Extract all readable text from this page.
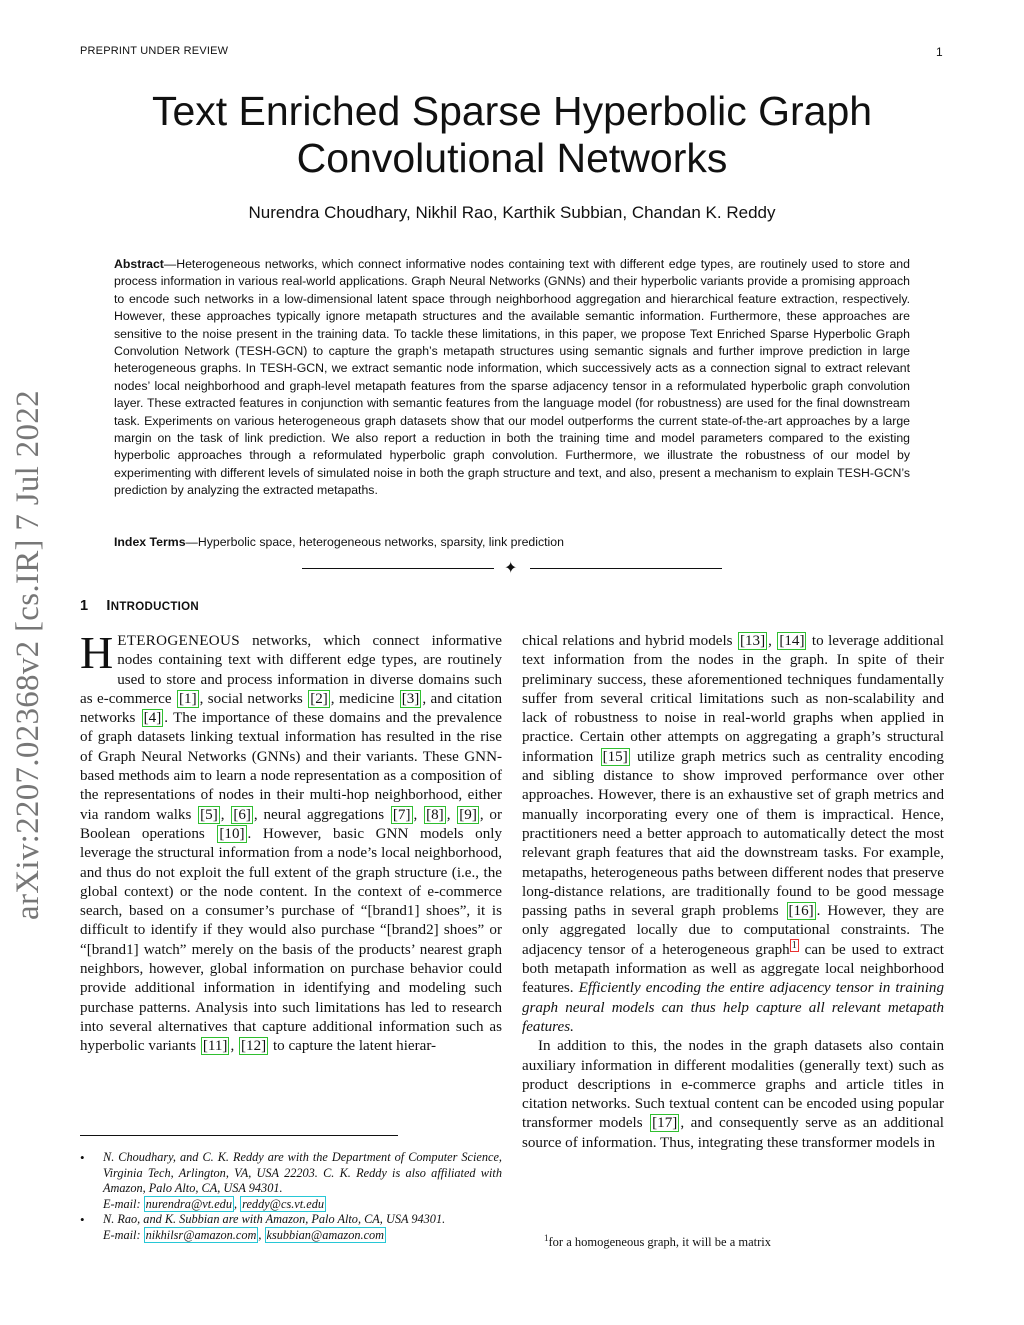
PREPRINT UNDER REVIEW	1
Text Enriched Sparse Hyperbolic Graph
Convolutional Networks
Nurendra Choudhary, Nikhil Rao, Karthik Subbian, Chandan K. Reddy
Abstract—Heterogeneous networks, which connect informative nodes containing text with different edge types, are routinely used to store and process information in various real-world applications. Graph Neural Networks (GNNs) and their hyperbolic variants provide a promising approach to encode such networks in a low-dimensional latent space through neighborhood aggregation and hierarchical feature extraction, respectively. However, these approaches typically ignore metapath structures and the available semantic information. Furthermore, these approaches are sensitive to the noise present in the training data. To tackle these limitations, in this paper, we propose Text Enriched Sparse Hyperbolic Graph Convolution Network (TESH-GCN) to capture the graph’s metapath structures using semantic signals and further improve prediction in large heterogeneous graphs. In TESH-GCN, we extract semantic node information, which successively acts as a connection signal to extract relevant nodes’ local neighborhood and graph-level metapath features from the sparse adjacency tensor in a reformulated hyperbolic graph convolution layer. These extracted features in conjunction with semantic features from the language model (for robustness) are used for the final downstream task. Experiments on various heterogeneous graph datasets show that our model outperforms the current state-of-the-art approaches by a large margin on the task of link prediction. We also report a reduction in both the training time and model parameters compared to the existing hyperbolic approaches through a reformulated hyperbolic graph convolution. Furthermore, we illustrate the robustness of our model by experimenting with different levels of simulated noise in both the graph structure and text, and also, present a mechanism to explain TESH-GCN’s prediction by analyzing the extracted metapaths.
Index Terms—Hyperbolic space, heterogeneous networks, sparsity, link prediction
✦
1 INTRODUCTION

HETEROGENEOUS networks, which connect informative nodes containing text with different edge types, are routinely used to store and process information in diverse domains such as e-commerce [1] , social networks [2] , medicine [3] , and citation networks [4] . The importance of these domains and the prevalence of graph datasets linking textual information has resulted in the rise of Graph Neural Networks (GNNs) and their variants. These GNN-based methods aim to learn a node representation as a composition of the representations of nodes in their multi-hop neighborhood, either via random walks [5] , [6] , neural aggregations [7] , [8] , [9] , or Boolean operations [10] . However, basic GNN models only leverage the structural information from a node’s local neighborhood, and thus do not exploit the full extent of the graph structure (i.e., the global context) or the node content. In the context of e-commerce search, based on a consumer’s purchase of “[brand1] shoes”, it is difficult to identify if they would also purchase “[brand2] shoes” or “[brand1] watch” merely on the basis of the products’ nearest graph neighbors, however, global information on purchase behavior could provide additional information in identifying and modeling such purchase patterns. Analysis into such limitations has led to research into several alternatives that capture additional information such as hyperbolic variants [11] , [12] to capture the latent hierar-

chical relations and hybrid models [13] , [14] to leverage additional text information from the nodes in the graph. In spite of their preliminary success, these aforementioned techniques fundamentally suffer from several critical limitations such as non-scalability and lack of robustness to noise in real-world graphs when applied in practice. Certain other attempts on aggregating a graph’s structural information [15] utilize graph metrics such as centrality encoding and sibling distance to show improved performance over other approaches. However, there is an exhaustive set of graph metrics and manually incorporating every one of them is impractical. Hence, practitioners need a better approach to automatically detect the most relevant graph features that aid the downstream tasks. For example, metapaths, heterogeneous paths between different nodes that preserve long-distance relations, are traditionally found to be good message passing paths in several graph problems [16] . However, they are only aggregated locally due to computational constraints. The adjacency tensor of a heterogeneous graph $^1$ can be used to extract both metapath information as well as aggregate local neighborhood features. Efficiently encoding the entire adjacency tensor in training graph neural models can thus help capture all relevant metapath features.

In addition to this, the nodes in the graph datasets also contain auxiliary information in different modalities (generally text) such as product descriptions in e-commerce graphs and article titles in citation networks. Such textual content can be encoded using popular transformer models [17] , and consequently serve as an additional source of information. Thus, integrating these transformer models in

• N. Choudhary, and C. K. Reddy are with the Department of Computer Science, Virginia Tech, Arlington, VA, USA 22203. C. K. Reddy is also affiliated with Amazon, Palo Alto, CA, USA 94301.
E-mail: nurendra@vt.edu , reddy@cs.vt.edu
• N. Rao, and K. Subbian are with Amazon, Palo Alto, CA, USA 94301.
E-mail: nikhilsr@amazon.com , ksubbian@amazon.com	$^1$for a homogeneous graph, it will be a matrix
arXiv:2207.02368v2 [cs.IR] 7 Jul 2022
